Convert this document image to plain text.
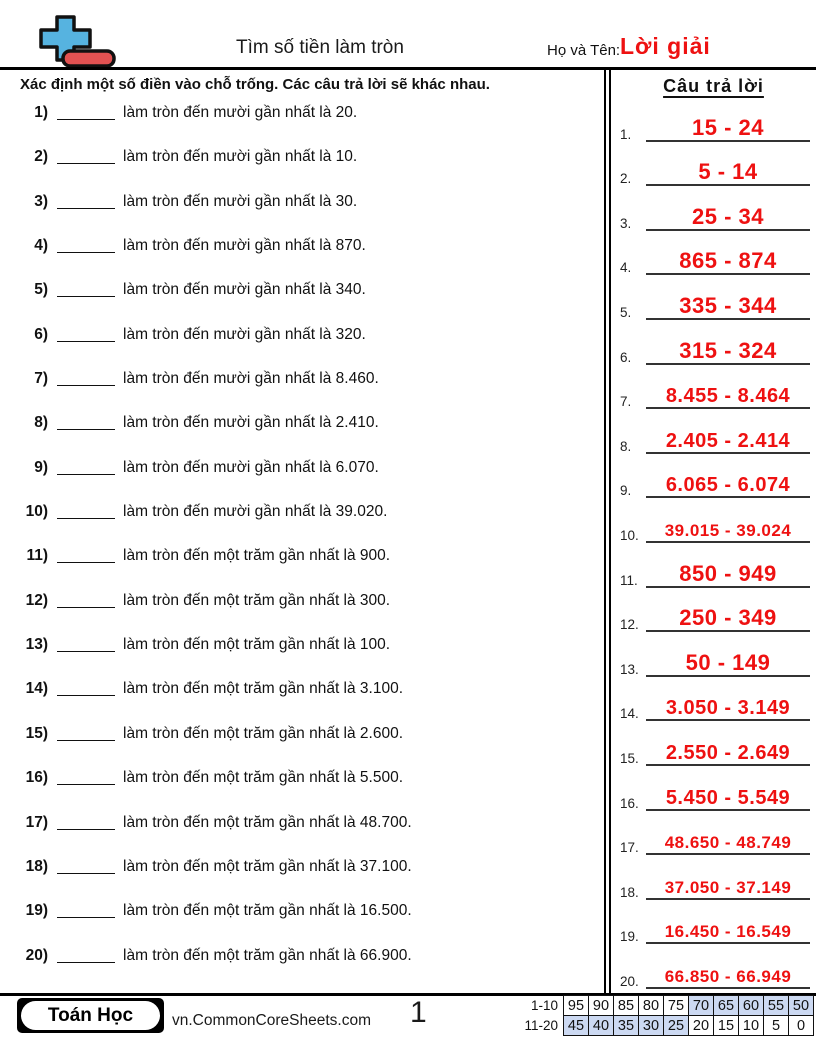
Tìm số tiền làm tròn	Họ và Tên: Lời giải
Xác định một số điền vào chỗ trống. Các câu trả lời sẽ khác nhau.
1)	làm tròn đến mười gần nhất là 20.
2)	làm tròn đến mười gần nhất là 10.
3)	làm tròn đến mười gần nhất là 30.
4)	làm tròn đến mười gần nhất là 870.
5)	làm tròn đến mười gần nhất là 340.
6)	làm tròn đến mười gần nhất là 320.
7)	làm tròn đến mười gần nhất là 8.460.
8)	làm tròn đến mười gần nhất là 2.410.
9)	làm tròn đến mười gần nhất là 6.070.
10)	làm tròn đến mười gần nhất là 39.020.
11)	làm tròn đến một trăm gần nhất là 900.
12)	làm tròn đến một trăm gần nhất là 300.
13)	làm tròn đến một trăm gần nhất là 100.
14)	làm tròn đến một trăm gần nhất là 3.100.
15)	làm tròn đến một trăm gần nhất là 2.600.
16)	làm tròn đến một trăm gần nhất là 5.500.
17)	làm tròn đến một trăm gần nhất là 48.700.
18)	làm tròn đến một trăm gần nhất là 37.100.
19)	làm tròn đến một trăm gần nhất là 16.500.
20)	làm tròn đến một trăm gần nhất là 66.900.
Câu trả lời
1.	15 - 24
2.	5 - 14
3.	25 - 34
4.	865 - 874
5.	335 - 344
6.	315 - 324
7.	8.455 - 8.464
8.	2.405 - 2.414
9.	6.065 - 6.074
10.	39.015 - 39.024
11.	850 - 949
12.	250 - 349
13.	50 - 149
14.	3.050 - 3.149
15.	2.550 - 2.649
16.	5.450 - 5.549
17.	48.650 - 48.749
18.	37.050 - 37.149
19.	16.450 - 16.549
20.	66.850 - 66.949
Toán Học	vn.CommonCoreSheets.com 1	1-10	95	90	85	80	75	70	65	60	55	50
11-20	45	40	35	30	25	20	15	10	5	0
